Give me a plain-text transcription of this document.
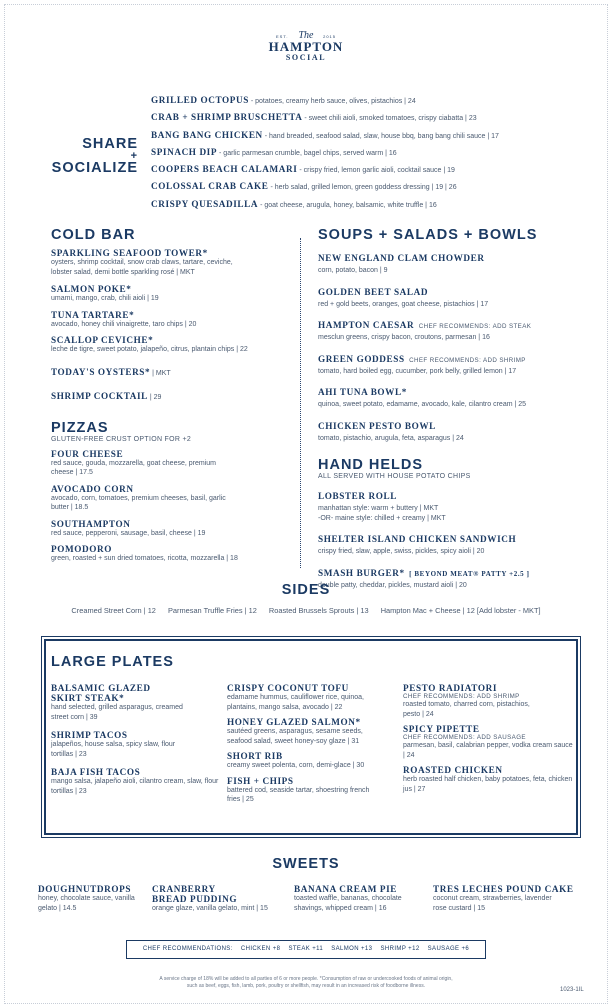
EST.	2015
The
HAMPTON
SOCIAL
SHARE
+
SOCIALIZE
GRILLED OCTOPUS - potatoes, creamy herb sauce, olives, pistachios | 24
CRAB + SHRIMP BRUSCHETTA - sweet chili aioli, smoked tomatoes, crispy ciabatta | 23
BANG BANG CHICKEN - hand breaded, seafood salad, slaw, house bbq, bang bang chili sauce | 17
SPINACH DIP - garlic parmesan crumble, bagel chips, served warm | 16
COOPERS BEACH CALAMARI - crispy fried, lemon garlic aioli, cocktail sauce | 19
COLOSSAL CRAB CAKE - herb salad, grilled lemon, green goddess dressing | 19 | 26
CRISPY QUESADILLA - goat cheese, arugula, honey, balsamic, white truffle | 16
COLD BAR
SPARKLING SEAFOOD TOWER*
oysters, shrimp cocktail, snow crab claws, tartare, ceviche, lobster salad, demi bottle sparkling rosé | MKT
SALMON POKE*
umami, mango, crab, chili aioli | 19
TUNA TARTARE*
avocado, honey chili vinaigrette, taro chips | 20
SCALLOP CEVICHE*
leche de tigre, sweet potato, jalapeño, citrus, plantain chips | 22
TODAY'S OYSTERS* | MKT
SHRIMP COCKTAIL | 29
PIZZAS
GLUTEN-FREE CRUST OPTION FOR +2
FOUR CHEESE
red sauce, gouda, mozzarella, goat cheese, premium cheese | 17.5
AVOCADO CORN
avocado, corn, tomatoes, premium cheeses, basil, garlic butter | 18.5
SOUTHAMPTON
red sauce, pepperoni, sausage, basil, cheese | 19
POMODORO
green, roasted + sun dried tomatoes, ricotta, mozzarella | 18
SOUPS + SALADS + BOWLS
NEW ENGLAND CLAM CHOWDER
corn, potato, bacon | 9
GOLDEN BEET SALAD
red + gold beets, oranges, goat cheese, pistachios | 17
HAMPTON CAESAR CHEF RECOMMENDS: ADD STEAK
mesclun greens, crispy bacon, croutons, parmesan | 16
GREEN GODDESS CHEF RECOMMENDS: ADD SHRIMP
tomato, hard boiled egg, cucumber, pork belly, grilled lemon | 17
AHI TUNA BOWL*
quinoa, sweet potato, edamame, avocado, kale, cilantro cream | 25
CHICKEN PESTO BOWL
tomato, pistachio, arugula, feta, asparagus | 24
HAND HELDS
ALL SERVED WITH HOUSE POTATO CHIPS
LOBSTER ROLL
manhattan style: warm + buttery | MKT
-OR- maine style: chilled + creamy | MKT
SHELTER ISLAND CHICKEN SANDWICH
crispy fried, slaw, apple, swiss, pickles, spicy aioli | 20
SMASH BURGER* [ BEYOND MEAT® PATTY +2.5 ]
double patty, cheddar, pickles, mustard aioli | 20
SIDES
Creamed Street Corn | 12 Parmesan Truffle Fries | 12 Roasted Brussels Sprouts | 13 Hampton Mac + Cheese | 12 [Add lobster - MKT]
LARGE PLATES
BALSAMIC GLAZED SKIRT STEAK*
hand selected, grilled asparagus, creamed street corn | 39
SHRIMP TACOS
jalapeños, house salsa, spicy slaw, flour tortillas | 23
BAJA FISH TACOS
mango salsa, jalapeño aioli, cilantro cream, slaw, flour tortillas | 23
CRISPY COCONUT TOFU
edamame hummus, cauliflower rice, quinoa, plantains, mango salsa, avocado | 22
HONEY GLAZED SALMON*
sautéed greens, asparagus, sesame seeds, seafood salad, sweet honey-soy glaze | 31
SHORT RIB
creamy sweet polenta, corn, demi-glace | 30
FISH + CHIPS
battered cod, seaside tartar, shoestring french fries | 25
PESTO RADIATORI
CHEF RECOMMENDS: ADD SHRIMP
roasted tomato, charred corn, pistachios, pesto | 24
SPICY PIPETTE
CHEF RECOMMENDS: ADD SAUSAGE
parmesan, basil, calabrian pepper, vodka cream sauce | 24
ROASTED CHICKEN
herb roasted half chicken, baby potatoes, feta, chicken jus | 27
SWEETS
DOUGHNUTDROPS
honey, chocolate sauce, vanilla gelato | 14.5
CRANBERRY BREAD PUDDING
orange glaze, vanilla gelato, mint | 15
BANANA CREAM PIE
toasted waffle, bananas, chocolate shavings, whipped cream | 16
TRES LECHES POUND CAKE
coconut cream, strawberries, lavender rose custard | 15
CHEF RECOMMENDATIONS: CHICKEN +8 STEAK +11 SALMON +13 SHRIMP +12 SAUSAGE +6
A service charge of 18% will be added to all parties of 6 or more people. *Consumption of raw or undercooked foods of animal origin,
such as beef, eggs, fish, lamb, pork, poultry or shellfish, may result in an increased risk of foodborne illness.
1023-1IL
